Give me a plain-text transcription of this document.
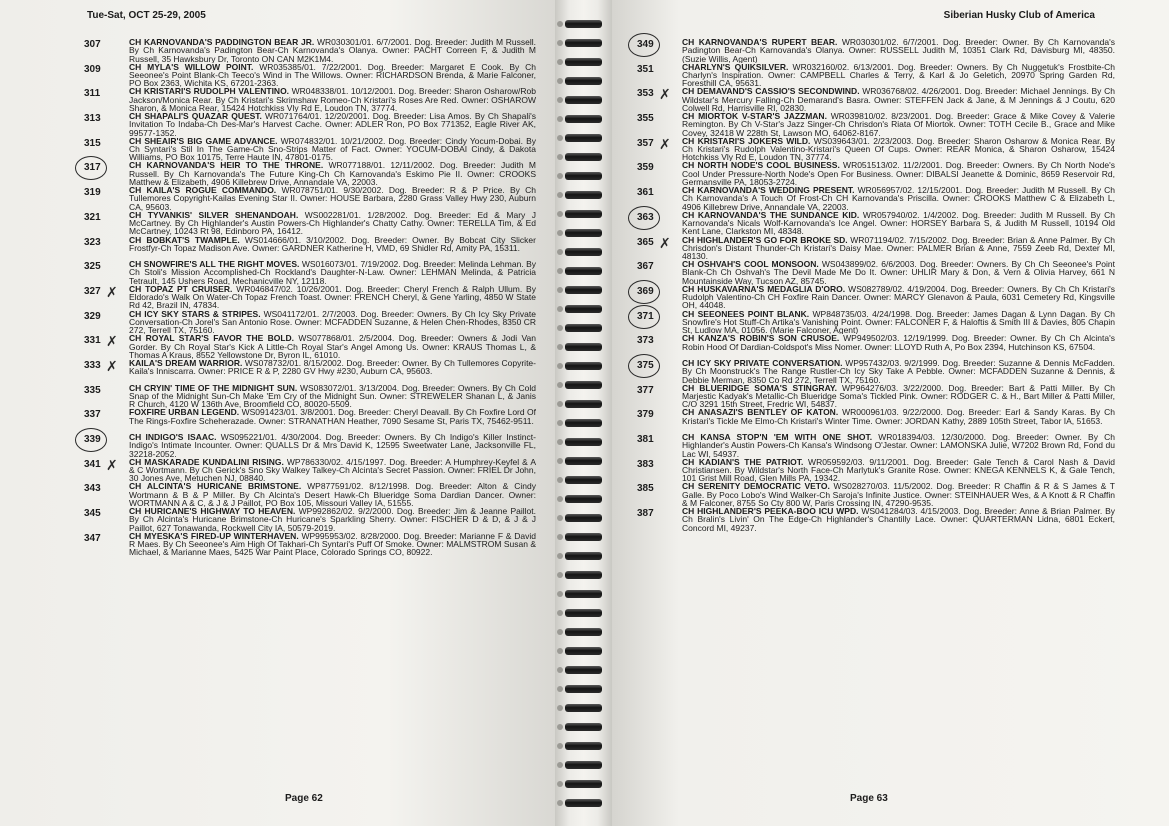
Tue-Sat, OCT 25-29, 2005
307	CH KARNOVANDA'S PADDINGTON BEAR JR. WR030301/01. 6/7/2001. Dog. Breeder: Judith M Russell. By Ch Karnovanda's Padington Bear-Ch Karnovanda's Olanya. Owner: PACHT Correen F, & Judith M Russell, 35 Hawksbury Dr, Toronto ON CAN M2K1M4.
309	CH MYLA'S WILLOW POINT. WR035385/01. 7/22/2001. Dog. Breeder: Margaret E Cook. By Ch Seeonee's Point Blank-Ch Teeco's Wind in The Willows. Owner: RICHARDSON Brenda, & Marie Falconer, PO Box 2363, Wichita KS, 67201-2363.
311	CH KRISTARI'S RUDOLPH VALENTINO. WR048338/01. 10/12/2001. Dog. Breeder: Sharon Osharow/Rob Jackson/Monica Rear. By Ch Kristari's Skrimshaw Romeo-Ch Kristari's Roses Are Red. Owner: OSHAROW Sharon, & Monica Rear, 15424 Hotchkiss Vly Rd E, Loudon TN, 37774.
313	CH SHAPALI'S QUAZAR QUEST. WR071764/01. 12/20/2001. Dog. Breeder: Lisa Amos. By Ch Shapali's Invitation To Indaba-Ch Des-Mar's Harvest Cache. Owner: ADLER Ron, PO Box 771352, Eagle River AK, 99577-1352.
315	CH SHEAIR'S BIG GAME ADVANCE. WR074832/01. 10/21/2002. Dog. Breeder: Cindy Yocum-Dobai. By Ch Syntari's Stil In The Game-Ch Sno-Strips Matter of Fact. Owner: YOCUM-DOBAI Cindy, & Dakota Williams, PO Box 10175, Terre Haute IN, 47801-0175.
317	CH KARNOVANDA'S HEIR TO THE THRONE. WR077188/01. 12/11/2002. Dog. Breeder: Judith M Russell. By Ch Karnovanda's The Future King-Ch Ch Karnovanda's Eskimo Pie II. Owner: CROOKS Matthew & Elizabeth, 4906 Killebrew Drive, Annandale VA, 22003.
319	CH KAILA'S ROGUE COMMANDO. WR078751/01. 9/30/2002. Dog. Breeder: R & P Price. By Ch Tullemores Copyright-Kailas Evening Star II. Owner: HOUSE Barbara, 2280 Grass Valley Hwy 230, Auburn CA, 95603.
321	CH TYVANKIS' SILVER SHENANDOAH. WS002281/01. 1/28/2002. Dog. Breeder: Ed & Mary J McCartney. By Ch Highlander's Austin Powers-Ch Highlander's Chatty Cathy. Owner: TERELLA Tim, & Ed McCartney, 10243 Rt 98, Edinboro PA, 16412.
323	CH BOBKAT'S TWAMPLE. WS014666/01. 3/10/2002. Dog. Breeder: Owner. By Bobcat City Slicker Frostfyr-Ch Topaz Madison Ave. Owner: GARDNER Katherine H, VMD, 69 Shidler Rd, Amity PA, 15311.
325	CH SNOWFIRE'S ALL THE RIGHT MOVES. WS016073/01. 7/19/2002. Dog. Breeder: Melinda Lehman. By Ch Stoli's Mission Accomplished-Ch Rockland's Daughter-N-Law. Owner: LEHMAN Melinda, & Patricia Tetrault, 145 Ushers Road, Mechanicville NY, 12118.
327 ✗	CH TOPAZ PT CRUISER. WR046847/02. 10/26/2001. Dog. Breeder: Cheryl French & Ralph Ullum. By Eldorado's Walk On Water-Ch Topaz French Toast. Owner: FRENCH Cheryl, & Gene Yarling, 4850 W State Rd 42, Brazil IN, 47834.
329	CH ICY SKY STARS & STRIPES. WS041172/01. 2/7/2003. Dog. Breeder: Owners. By Ch Icy Sky Private Conversation-Ch Jorel's San Antonio Rose. Owner: MCFADDEN Suzanne, & Helen Chen-Rhodes, 8350 CR 272, Terrell TX, 75160.
331 ✗	CH ROYAL STAR'S FAVOR THE BOLD. WS077868/01. 2/5/2004. Dog. Breeder: Owners & Jodi Van Gorder. By Ch Royal Star's Kick A Little-Ch Royal Star's Angel Among Us. Owner: KRAUS Thomas L, & Thomas A Kraus, 8552 Yellowstone Dr, Byron IL, 61010.
333 ✗	KAILA'S DREAM WARRIOR. WS078732/01. 8/15/2002. Dog. Breeder: Owner. By Ch Tullemores Copyrite-Kaila's Inniscarra. Owner: PRICE R & P, 2280 GV Hwy #230, Auburn CA, 95603.
335	CH CRYIN' TIME OF THE MIDNIGHT SUN. WS083072/01. 3/13/2004. Dog. Breeder: Owners. By Ch Cold Snap of the Midnight Sun-Ch Make 'Em Cry of the Midnight Sun. Owner: STREWELER Shanan L, & Janis R Church, 4120 W 136th Ave, Broomfield CO, 80020-5509.
337	FOXFIRE URBAN LEGEND. WS091423/01. 3/8/2001. Dog. Breeder: Cheryl Deavall. By Ch Foxfire Lord Of The Rings-Foxfire Scheherazade. Owner: STRANATHAN Heather, 7090 Sesame St, Paris TX, 75462-9511.
339	CH INDIGO'S ISAAC. WS095221/01. 4/30/2004. Dog. Breeder: Owners. By Ch Indigo's Killer Instinct-Indigo's Intimate Incounter. Owner: QUALLS Dr & Mrs David K, 12595 Sweetwater Lane, Jacksonville FL, 32218-2052.
341 ✗	CH MASKARADE KUNDALINI RISING. WP786330/02. 4/15/1997. Dog. Breeder: A Humphrey-Keyfel & A & C Wortmann. By Ch Gerick's Sno Sky Walkey Talkey-Ch Alcinta's Secret Passion. Owner: FRIEL Dr John, 30 Jones Ave, Metuchen NJ, 08840.
343	CH ALCINTA'S HURICANE BRIMSTONE. WP877591/02. 8/12/1998. Dog. Breeder: Alton & Cindy Wortmann & B & P Miller. By Ch Alcinta's Desert Hawk-Ch Blueridge Soma Dardian Dancer. Owner: WORTMANN A & C, & J & J Paillot, PO Box 105, Missouri Valley IA, 51555.
345	CH HURICANE'S HIGHWAY TO HEAVEN. WP992862/02. 9/2/2000. Dog. Breeder: Jim & Jeanne Paillot. By Ch Alcinta's Huricane Brimstone-Ch Huricane's Sparkling Sherry. Owner: FISCHER D & D, & J & J Paillot, 627 Tonawanda, Rockwell City IA, 50579-2019.
347	CH MYESKA'S FIRED-UP WINTERHAVEN. WP995953/02. 8/28/2000. Dog. Breeder: Marianne F & David R Maes. By Ch Seeonee's Aim High Of Takhari-Ch Syntari's Puff Of Smoke. Owner: MALMSTROM Susan & Michael, & Marianne Maes, 5425 War Paint Place, Colorado Springs CO, 80922.
Page 62
Siberian Husky Club of America
349	CH KARNOVANDA'S RUPERT BEAR. WR030301/02. 6/7/2001. Dog. Breeder: Owner. By Ch Karnovanda's Padington Bear-Ch Karnovanda's Olanya. Owner: RUSSELL Judith M, 10351 Clark Rd, Davisburg MI, 48350. (Suzie Willis, Agent)
351	CHARLYN'S QUIKSILVER. WR032160/02. 6/13/2001. Dog. Breeder: Owners. By Ch Nuggetuk's Frostbite-Ch Charlyn's Inspiration. Owner: CAMPBELL Charles & Terry, & Karl & Jo Geletich, 20970 Spring Garden Rd, Foresthill CA, 95631.
353 ✗	CH DEMAVAND'S CASSIO'S SECONDWIND. WR036768/02. 4/26/2001. Dog. Breeder: Michael Jennings. By Ch Wildstar's Mercury Falling-Ch Demarand's Basra. Owner: STEFFEN Jack & Jane, & M Jennings & J Coutu, 620 Colwell Rd, Harrisville RI, 02830.
355	CH MIORTOK V-STAR'S JAZZMAN. WR039810/02. 8/23/2001. Dog. Breeder: Grace & Mike Covey & Valerie Remington. By Ch V-Star's Jazz Singer-Ch Chrisdon's Riata Of Miortok. Owner: TOTH Cecile B., Grace and Mike Covey, 32418 W 228th St, Lawson MO, 64062-8167.
357 ✗	CH KRISTARI'S JOKERS WILD. WS039643/01. 2/23/2003. Dog. Breeder: Sharon Osharow & Monica Rear. By Ch Kristari's Rudolph Valentino-Kristari's Queen Of Cups. Owner: REAR Monica, & Sharon Osharow, 15424 Hotchkiss Vly Rd E, Loudon TN, 37774.
359	CH NORTH NODE'S COOL BUSINESS. WR051513/02. 11/2/2001. Dog. Breeder: Owners. By Ch North Node's Cool Under Pressure-North Node's Open For Business. Owner: DIBALSI Jeanette & Dominic, 8659 Reservoir Rd, Germansville PA, 18053-2724.
361	CH KARNOVANDA'S WEDDING PRESENT. WR056957/02. 12/15/2001. Dog. Breeder: Judith M Russell. By Ch Ch Karnovanda's A Touch Of Frost-Ch CH Karnovanda's Priscilla. Owner: CROOKS Matthew C & Elizabeth L, 4906 Killebrew Drive, Annandale VA, 22003.
363	CH KARNOVANDA'S THE SUNDANCE KID. WR057940/02. 1/4/2002. Dog. Breeder: Judith M Russell. By Ch Karnovanda's Nicals Wolf-Karnovanda's Ice Angel. Owner: HORSEY Barbara S, & Judith M Russell, 10194 Old Kent Lane, Clarkston MI, 48348.
365 ✗	CH HIGHLANDER'S GO FOR BROKE SD. WR071194/02. 7/15/2002. Dog. Breeder: Brian & Anne Palmer. By Ch Chrisdon's Distant Thunder-Ch Kristari's Daisy Mae. Owner: PALMER Brian & Anne, 7559 Zeeb Rd, Dexter MI, 48130.
367	CH OSHVAH'S COOL MONSOON. WS043899/02. 6/6/2003. Dog. Breeder: Owners. By Ch Ch Seeonee's Point Blank-Ch Ch Oshvah's The Devil Made Me Do It. Owner: UHLIR Mary & Don, & Vern & Olivia Harvey, 661 N Mountainside Way, Tucson AZ, 85745.
369	CH HUSKAVARNA'S MEDAGLIA D'ORO. WS082789/02. 4/19/2004. Dog. Breeder: Owners. By Ch Ch Kristari's Rudolph Valentino-Ch CH Foxfire Rain Dancer. Owner: MARCY Glenavon & Paula, 6031 Cemetery Rd, Kingsville OH, 44048.
371	CH SEEONEES POINT BLANK. WP848735/03. 4/24/1998. Dog. Breeder: James Dagan & Lynn Dagan. By Ch Snowfire's Hot Stuff-Ch Artika's Vanishing Point. Owner: FALCONER F, & Haloftis & Smith III & Davies, 805 Chapin St, Ludlow MA, 01056. (Marie Falconer, Agent)
373	CH KANZA'S ROBIN'S SON CRUSOE. WP949502/03. 12/19/1999. Dog. Breeder: Owner. By Ch Ch Alcinta's Robin Hood Of Dardian-Coldspot's Miss Nomer. Owner: LLOYD Ruth A, Po Box 2394, Hutchinson KS, 67504.
375	CH ICY SKY PRIVATE CONVERSATION. WP957432/03. 9/2/1999. Dog. Breeder: Suzanne & Dennis McFadden. By Ch Moonstruck's The Range Rustler-Ch Icy Sky Take A Pebble. Owner: MCFADDEN Suzanne & Dennis, & Debbie Merman, 8350 Co Rd 272, Terrell TX, 75160.
377	CH BLUERIDGE SOMA'S STINGRAY. WP964276/03. 3/22/2000. Dog. Breeder: Bart & Patti Miller. By Ch Marjestic Kadyak's Metallic-Ch Blueridge Soma's Tickled Pink. Owner: RODGER C. & H., Bart Miller & Patti Miller, C/O 3291 15th Street, Fredric WI, 54837.
379	CH ANASAZI'S BENTLEY OF KATON. WR000961/03. 9/22/2000. Dog. Breeder: Earl & Sandy Karas. By Ch Kristari's Tickle Me Elmo-Ch Kristari's Winter Time. Owner: JORDAN Kathy, 2889 105th Street, Tabor IA, 51653.
381	CH KANSA STOP'N 'EM WITH ONE SHOT. WR018394/03. 12/30/2000. Dog. Breeder: Owner. By Ch Highlander's Austin Powers-Ch Kansa's Windsong O'Jestar. Owner: LAMONSKA Julie, W7202 Brown Rd, Fond du Lac WI, 54937.
383	CH KADIAN'S THE PATRIOT. WR059592/03. 9/11/2001. Dog. Breeder: Gale Tench & Carol Nash & David Christiansen. By Wildstar's North Face-Ch Marlytuk's Granite Rose. Owner: KNEGA KENNELS K, & Gale Tench, 101 Grist Mill Road, Glen Mills PA, 19342.
385	CH SERENITY DEMOCRATIC VETO. WS028270/03. 11/5/2002. Dog. Breeder: R Chaffin & R & S James & T Galle. By Poco Lobo's Wind Walker-Ch Saroja's Infinite Justice. Owner: STEINHAUER Wes, & A Knott & R Chaffin & M Falconer, 8755 So Cty 800 W, Paris Crossing IN, 47290-9535.
387	CH HIGHLANDER'S PEEKA-BOO ICU WPD. WS041284/03. 4/15/2003. Dog. Breeder: Anne & Brian Palmer. By Ch Bralin's Livin' On The Edge-Ch Highlander's Chantilly Lace. Owner: QUARTERMAN Lidna, 6801 Eckert, Concord MI, 49237.
Page 63
